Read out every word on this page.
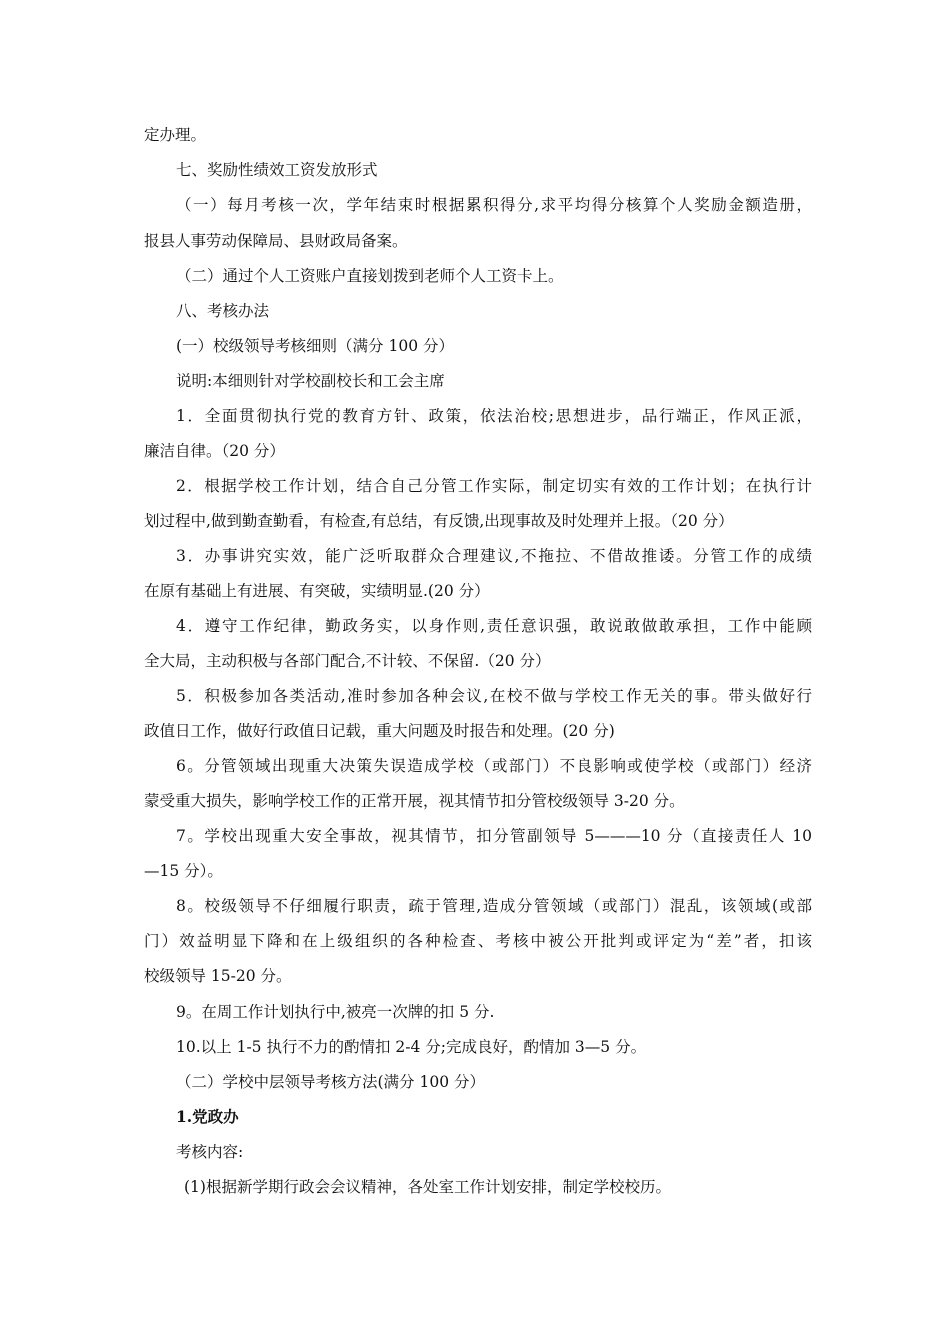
定办理。
七、奖励性绩效工资发放形式
（一）每月考核一次，学年结束时根据累积得分,求平均得分核算个人奖励金额造册，
报县人事劳动保障局、县财政局备案。
（二）通过个人工资账户直接划拨到老师个人工资卡上。
八、考核办法
(一）校级领导考核细则（满分 100 分）
说明:本细则针对学校副校长和工会主席
1．全面贯彻执行党的教育方针、政策，依法治校;思想进步，品行端正，作风正派，
廉洁自律。（20 分）
2．根据学校工作计划，结合自己分管工作实际，制定切实有效的工作计划；在执行计
划过程中,做到勤查勤看，有检查,有总结，有反馈,出现事故及时处理并上报。（20 分）
3．办事讲究实效，能广泛听取群众合理建议,不拖拉、不借故推诿。分管工作的成绩
在原有基础上有进展、有突破，实绩明显.(20 分）
4．遵守工作纪律，勤政务实，以身作则,责任意识强，敢说敢做敢承担，工作中能顾
全大局，主动积极与各部门配合,不计较、不保留.（20 分）
5．积极参加各类活动,准时参加各种会议,在校不做与学校工作无关的事。带头做好行
政值日工作，做好行政值日记载，重大问题及时报告和处理。(20 分)
6。分管领域出现重大决策失误造成学校（或部门）不良影响或使学校（或部门）经济
蒙受重大损失，影响学校工作的正常开展，视其情节扣分管校级领导 3-20 分。
7。学校出现重大安全事故，视其情节，扣分管副领导 5———10 分（直接责任人 10
—15 分）。
8。校级领导不仔细履行职责，疏于管理,造成分管领域（或部门）混乱，该领域(或部
门）效益明显下降和在上级组织的各种检查、考核中被公开批判或评定为“差”者，扣该
校级领导 15-20 分。
9。在周工作计划执行中,被亮一次牌的扣 5 分.
10.以上 1-5 执行不力的酌情扣 2-4 分;完成良好，酌情加 3—5 分。
（二）学校中层领导考核方法(满分 100 分）
1.党政办
考核内容:
(1)根据新学期行政会会议精神，各处室工作计划安排，制定学校校历。
